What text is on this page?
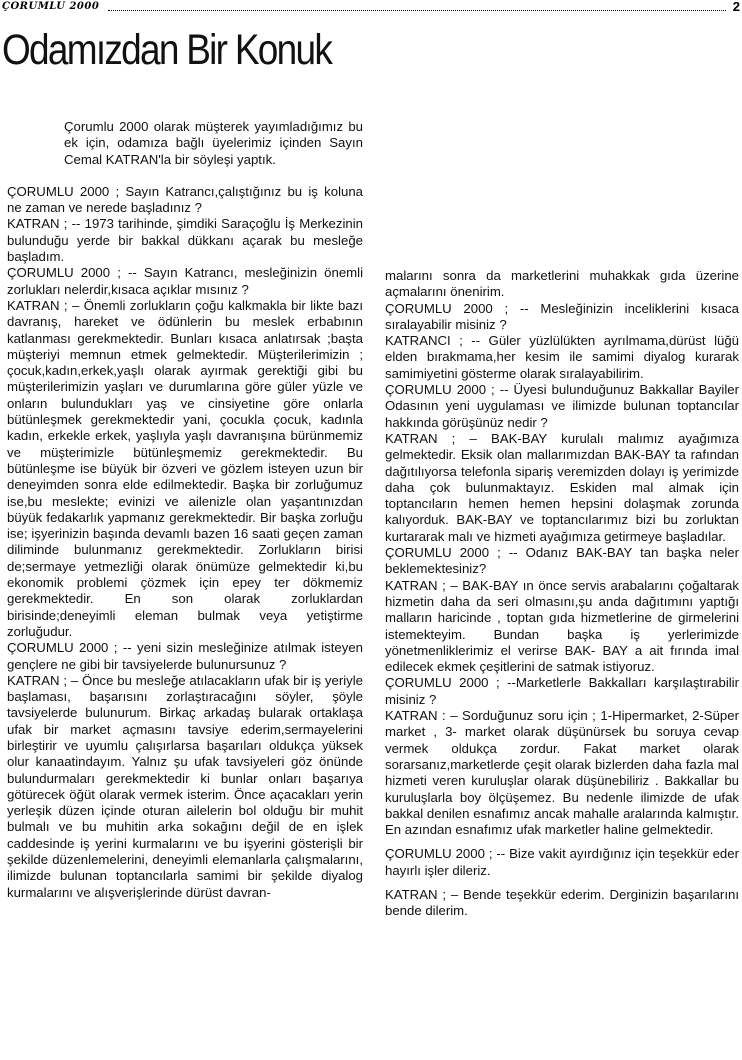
ÇORUMLU 2000	2
Odamızdan Bir Konuk

Çorumlu 2000 olarak müşterek yayımladığımız bu ek için, odamıza bağlı üyelerimiz içinden Sayın Cemal KATRAN'la bir söyleşi yaptık.

ÇORUMLU 2000 ; Sayın Katrancı,çalıştığınız bu iş koluna ne zaman ve nerede başladınız ?

KATRAN ; -- 1973 tarihinde, şimdiki Saraçoğlu İş Merkezinin bulunduğu yerde bir bakkal dükkanı açarak bu mesleğe başladım.

ÇORUMLU 2000 ; -- Sayın Katrancı, mesleğinizin önemli zorlukları nelerdir,kısaca açıklar mısınız ?

KATRAN ; – Önemli zorlukların çoğu kalkmakla bir likte bazı davranış, hareket ve ödünlerin bu meslek erbabının katlanması gerekmektedir. Bunları kısaca anlatırsak ;başta müşteriyi memnun etmek gelmektedir. Müşterilerimizin ; çocuk,kadın,erkek,yaşlı olarak ayırmak gerektiği gibi bu müşterilerimizin yaşları ve durumlarına göre güler yüzle ve onların bulundukları yaş ve cinsiyetine göre onlarla bütünleşmek gerekmektedir yani, çocukla çocuk, kadınla kadın, erkekle erkek, yaşlıyla yaşlı davranışına bürünmemiz ve müşterimizle bütünleşmemiz gerekmektedir. Bu bütünleşme ise büyük bir özveri ve gözlem isteyen uzun bir deneyimden sonra elde edilmektedir. Başka bir zorluğumuz ise,bu meslekte; evinizi ve ailenizle olan yaşantınızdan büyük fedakarlık yapmanız gerekmektedir. Bir başka zorluğu ise; işyerinizin başında devamlı bazen 16 saati geçen zaman diliminde bulunmanız gerekmektedir. Zorlukların birisi de;sermaye yetmezliği olarak önümüze gelmektedir ki,bu ekonomik problemi çözmek için epey ter dökmemiz gerekmektedir. En son olarak zorluklardan birisinde;deneyimli eleman bulmak veya yetiştirme zorluğudur.

ÇORUMLU 2000 ; -- yeni sizin mesleğinize atılmak isteyen gençlere ne gibi bir tavsiyelerde bulunursunuz ?

KATRAN ; – Önce bu mesleğe atılacakların ufak bir iş yeriyle başlaması, başarısını zorlaştıracağını söyler, şöyle tavsiyelerde bulunurum. Birkaç arkadaş bularak ortaklaşa ufak bir market açmasını tavsiye ederim,sermayelerini birleştirir ve uyumlu çalışırlarsa başarıları oldukça yüksek olur kanaatindayım. Yalnız şu ufak tavsiyeleri göz önünde bulundurmaları gerekmektedir ki bunlar onları başarıya götürecek öğüt olarak vermek isterim. Önce açacakları yerin yerleşik düzen içinde oturan ailelerin bol olduğu bir muhit bulmalı ve bu muhitin arka sokağını değil de en işlek caddesinde iş yerini kurmalarını ve bu işyerini gösterişli bir şekilde düzenlemelerini, deneyimli elemanlarla çalışmalarını, ilimizde bulunan toptancılarla samimi bir şekilde diyalog kurmalarını ve alışverişlerinde dürüst davran-

malarını sonra da marketlerini muhakkak gıda üzerine açmalarını önenirim.

ÇORUMLU 2000 ; -- Mesleğinizin inceliklerini kısaca sıralayabilir misiniz ?

KATRANCI ; -- Güler yüzlülükten ayrılmama,dürüst lüğü elden bırakmama,her kesim ile samimi diyalog kurarak samimiyetini gösterme olarak sıralayabilirim.

ÇORUMLU 2000 ; -- Üyesi bulunduğunuz Bakkallar Bayiler Odasının yeni uygulaması ve ilimizde bulunan toptancılar hakkında görüşünüz nedir ?

KATRAN ; – BAK-BAY kurulalı malımız ayağımıza gelmektedir. Eksik olan mallarımızdan BAK-BAY ta rafından dağıtılıyorsa telefonla sipariş veremizden dolayı iş yerimizde daha çok bulunmaktayız. Eskiden mal almak için toptancıların hemen hemen hepsini dolaşmak zorunda kalıyorduk. BAK-BAY ve toptancılarımız bizi bu zorluktan kurtararak malı ve hizmeti ayağımıza getirmeye başladılar.

ÇORUMLU 2000 ; -- Odanız BAK-BAY tan başka neler beklemektesiniz?

KATRAN ; – BAK-BAY ın önce servis arabalarını çoğaltarak hizmetin daha da seri olmasını,şu anda dağıtımını yaptığı malların haricinde , toptan gıda hizmetlerine de girmelerini istemekteyim. Bundan başka iş yerlerimizde yönetmenliklerimiz el verirse BAK- BAY a ait fırında imal edilecek ekmek çeşitlerini de satmak istiyoruz.

ÇORUMLU 2000 ; --Marketlerle Bakkalları karşılaştırabilir misiniz ?

KATRAN : – Sorduğunuz soru için ; 1-Hipermarket, 2-Süper market , 3- market olarak düşünürsek bu soruya cevap vermek oldukça zordur. Fakat market olarak sorarsanız,marketlerde çeşit olarak bizlerden daha fazla mal hizmeti veren kuruluşlar olarak düşünebiliriz . Bakkallar bu kuruluşlarla boy ölçüşemez. Bu nedenle ilimizde de ufak bakkal denilen esnafımız ancak mahalle aralarında kalmıştır. En azından esnafımız ufak marketler haline gelmektedir.

ÇORUMLU 2000 ; -- Bize vakit ayırdığınız için teşekkür eder hayırlı işler dileriz.

KATRAN ; – Bende teşekkür ederim. Derginizin başarılarını bende dilerim.
